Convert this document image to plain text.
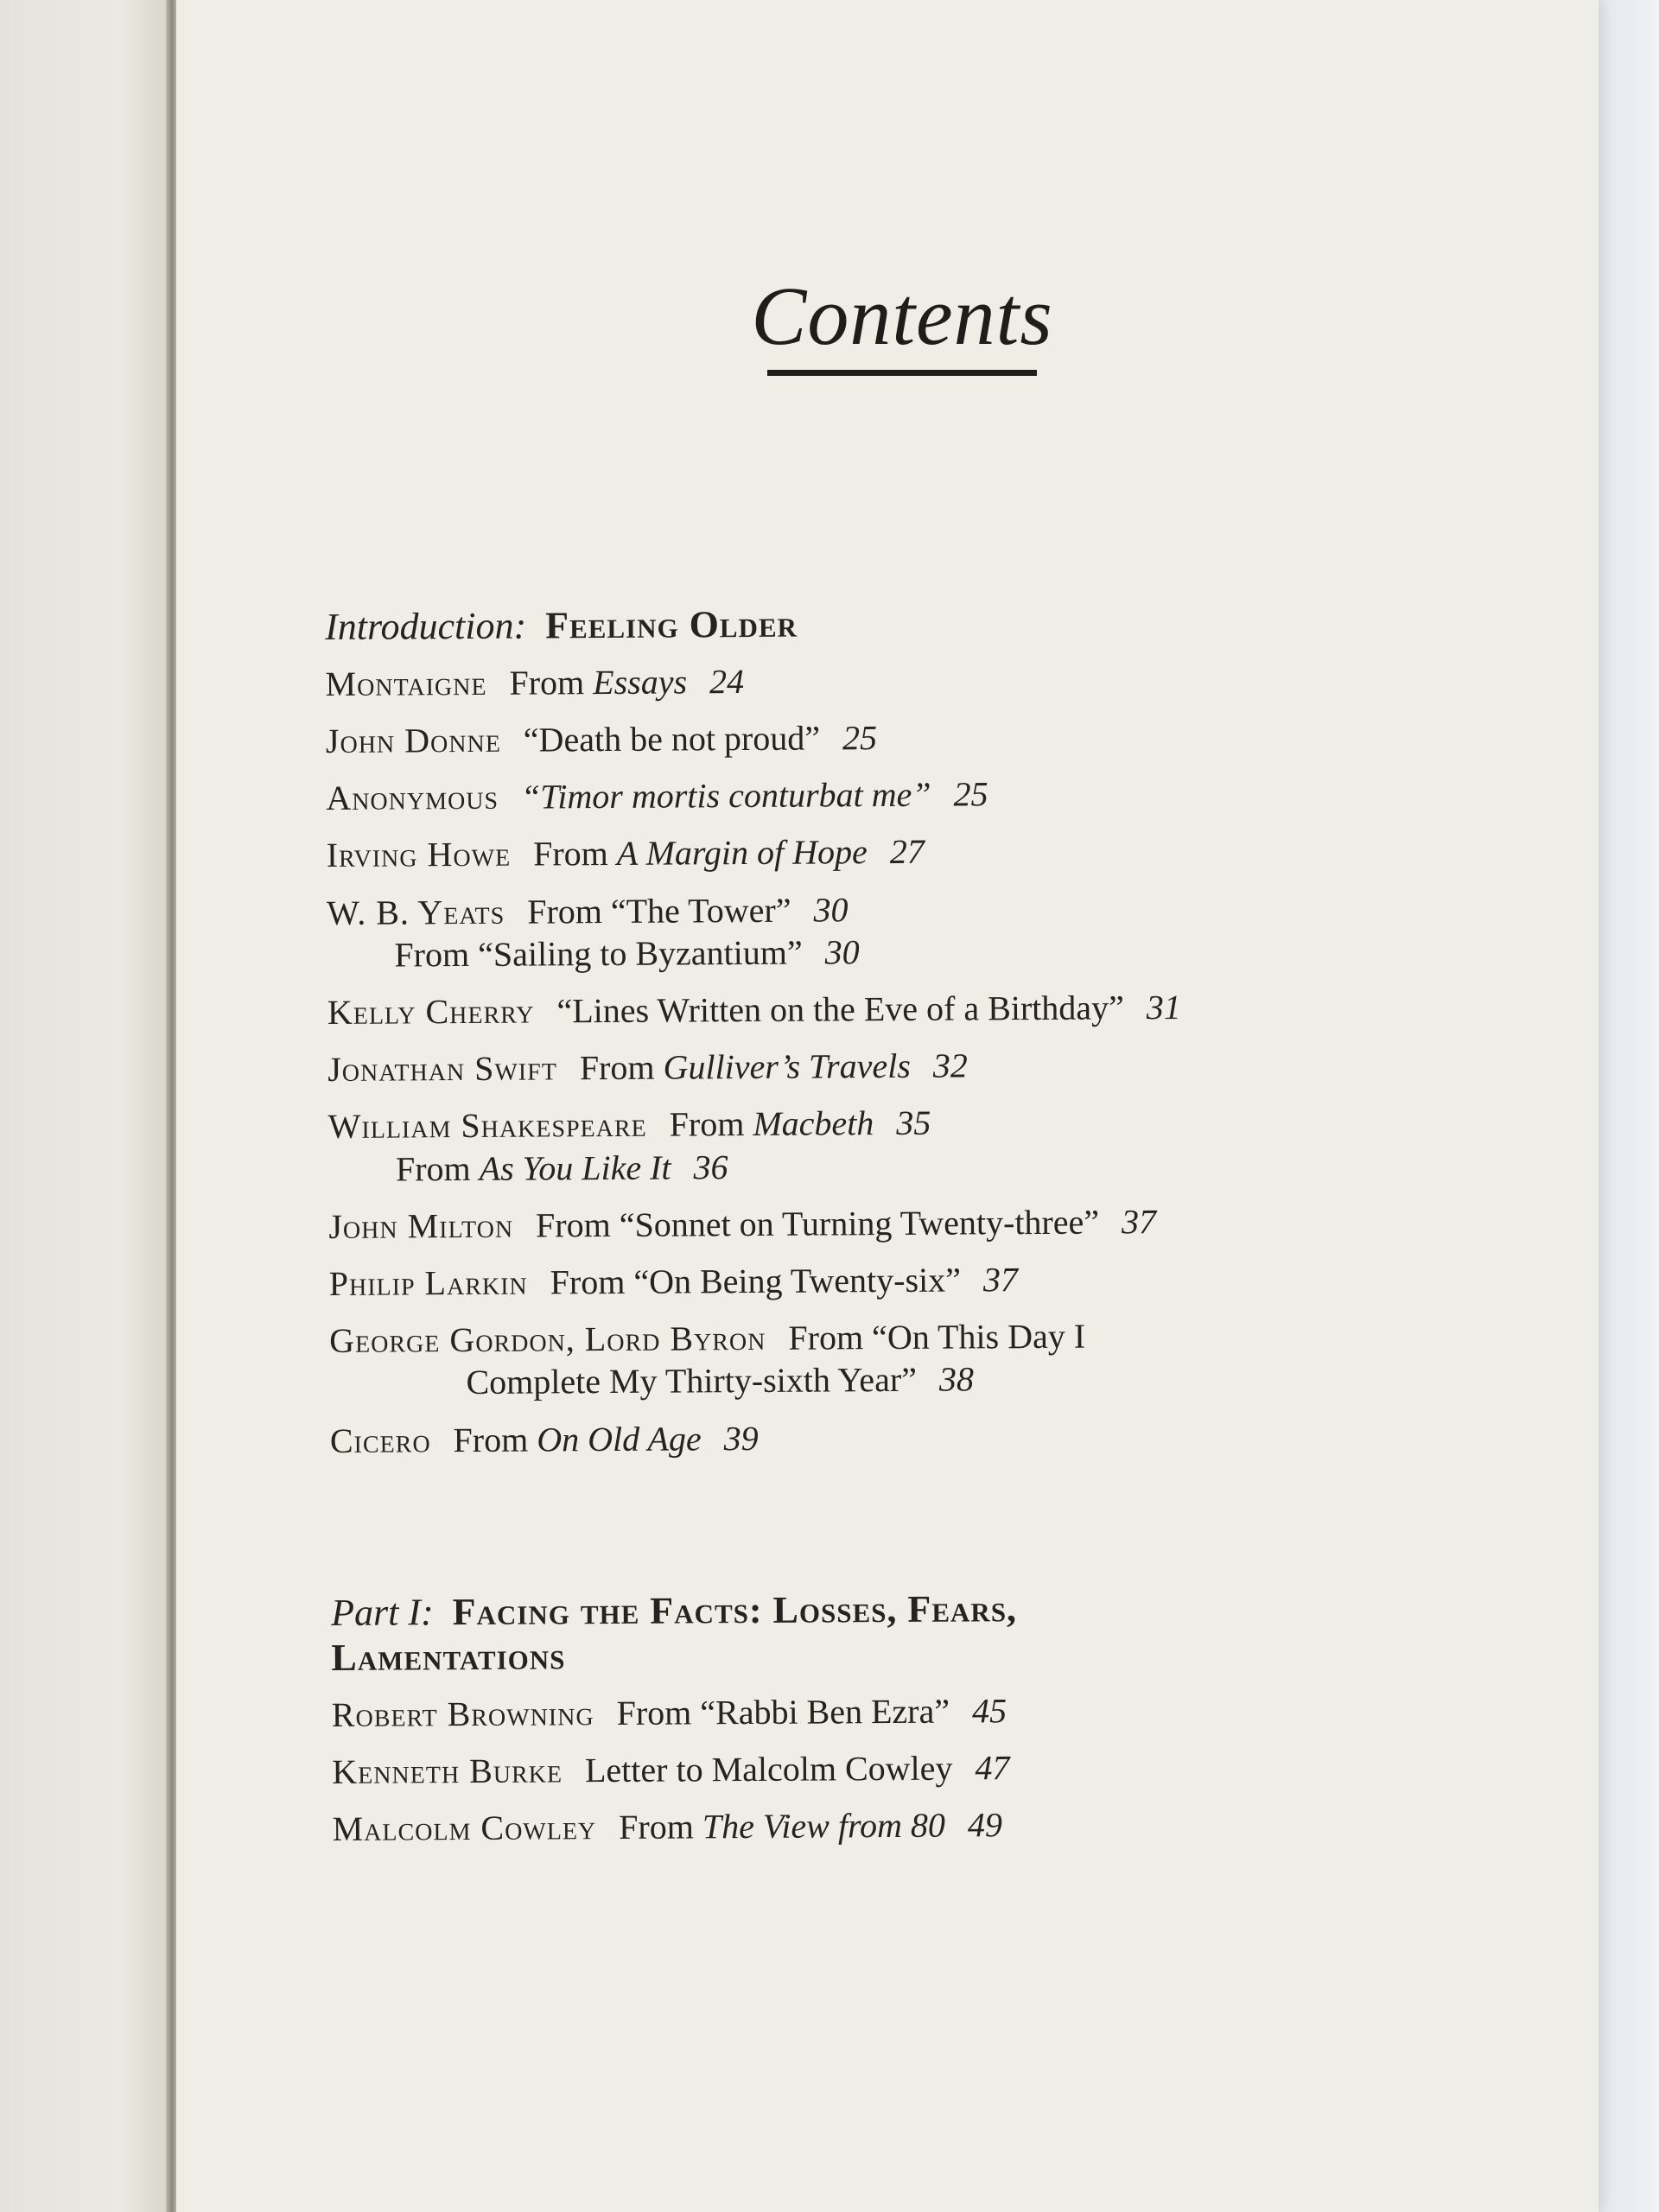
Contents
Introduction: Feeling Older
Montaigne From Essays 24
John Donne “Death be not proud” 25
Anonymous “Timor mortis conturbat me” 25
Irving Howe From A Margin of Hope 27
W. B. Yeats From “The Tower” 30
From “Sailing to Byzantium” 30
Kelly Cherry “Lines Written on the Eve of a Birthday” 31
Jonathan Swift From Gulliver’s Travels 32
William Shakespeare From Macbeth 35
From As You Like It 36
John Milton From “Sonnet on Turning Twenty-three” 37
Philip Larkin From “On Being Twenty-six” 37
George Gordon, Lord Byron From “On This Day I
Complete My Thirty-sixth Year” 38
Cicero From On Old Age 39
Part I: Facing the Facts: Losses, Fears,
Lamentations
Robert Browning From “Rabbi Ben Ezra” 45
Kenneth Burke Letter to Malcolm Cowley 47
Malcolm Cowley From The View from 80 49
